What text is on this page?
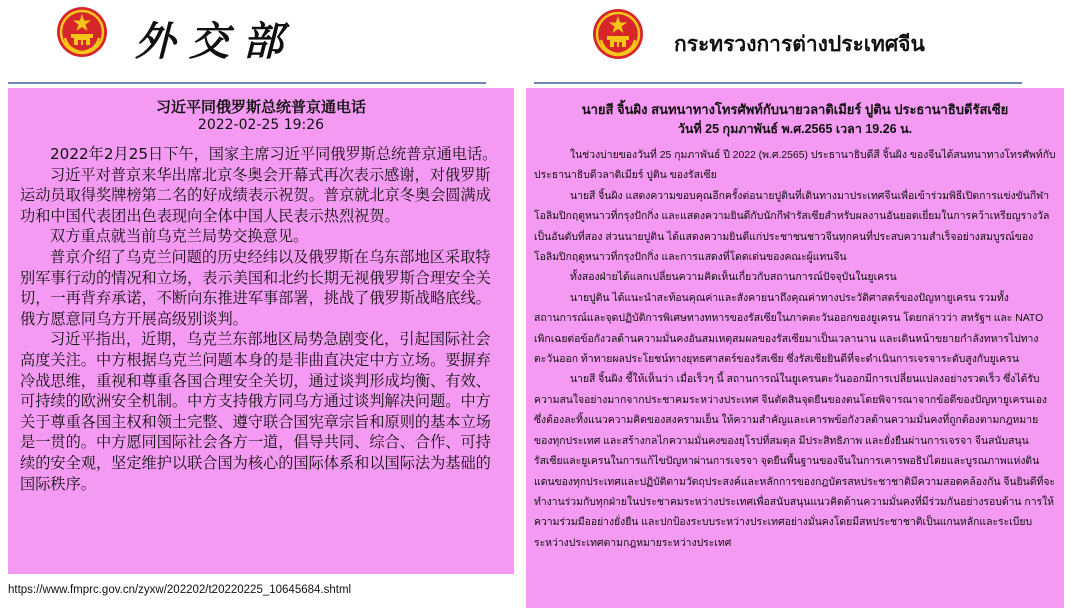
外交部
习近平同俄罗斯总统普京通电话
2022-02-25 19:26

2022年2月25日下午，国家主席习近平同俄罗斯总统普京通电话。

习近平对普京来华出席北京冬奥会开幕式再次表示感谢，对俄罗斯运动员取得奖牌榜第二名的好成绩表示祝贺。普京就北京冬奥会圆满成功和中国代表团出色表现向全体中国人民表示热烈祝贺。

双方重点就当前乌克兰局势交换意见。

普京介绍了乌克兰问题的历史经纬以及俄罗斯在乌东部地区采取特别军事行动的情况和立场，表示美国和北约长期无视俄罗斯合理安全关切，一再背弃承诺，不断向东推进军事部署，挑战了俄罗斯战略底线。俄方愿意同乌方开展高级别谈判。

习近平指出，近期，乌克兰东部地区局势急剧变化，引起国际社会高度关注。中方根据乌克兰问题本身的是非曲直决定中方立场。要摒弃冷战思维，重视和尊重各国合理安全关切，通过谈判形成均衡、有效、可持续的欧洲安全机制。中方支持俄方同乌方通过谈判解决问题。中方关于尊重各国主权和领土完整、遵守联合国宪章宗旨和原则的基本立场是一贯的。中方愿同国际社会各方一道，倡导共同、综合、合作、可持续的安全观，坚定维护以联合国为核心的国际体系和以国际法为基础的国际秩序。

https://www.fmprc.gov.cn/zyxw/202202/t20220225_10645684.shtml
กระทรวงการต่างประเทศจีน
นายสี จิ้นผิง สนทนาทางโทรศัพท์กับนายวลาดิเมียร์ ปูติน ประธานาธิบดีรัสเซีย
วันที่ 25 กุมภาพันธ์ พ.ศ.2565 เวลา 19.26 น.

ในช่วงบ่ายของวันที่ 25 กุมภาพันธ์ ปี 2022 (พ.ศ.2565) ประธานาธิบดีสี จิ้นผิง ของจีนได้สนทนาทางโทรศัพท์กับประธานาธิบดีวลาดิเมียร์ ปูติน ของรัสเซีย

นายสี จิ้นผิง แสดงความขอบคุณอีกครั้งต่อนายปูตินที่เดินทางมาประเทศจีนเพื่อเข้าร่วมพิธีเปิดการแข่งขันกีฬาโอลิมปิกฤดูหนาวที่กรุงปักกิ่ง และแสดงความยินดีกับนักกีฬารัสเซียสำหรับผลงานอันยอดเยี่ยมในการคว้าเหรียญรางวัลเป็นอันดับที่สอง ส่วนนายปูติน ได้แสดงความยินดีแก่ประชาชนชาวจีนทุกคนที่ประสบความสำเร็จอย่างสมบูรณ์ของโอลิมปิกฤดูหนาวที่กรุงปักกิ่ง และการแสดงที่โดดเด่นของคณะผู้แทนจีน

ทั้งสองฝ่ายได้แลกเปลี่ยนความคิดเห็นเกี่ยวกับสถานการณ์ปัจจุบันในยูเครน

นายปูติน ได้แนะนำสะท้อนคุณค่าและสังคายนาถึงคุณค่าทางประวัติศาสตร์ของปัญหายูเครน รวมทั้งสถานการณ์และจุดปฏิบัติการพิเศษทางทหารของรัสเซียในภาคตะวันออกของยูเครน โดยกล่าวว่า สหรัฐฯ และ NATO เพิกเฉยต่อข้อกังวลด้านความมั่นคงอันสมเหตุสมผลของรัสเซียมาเป็นเวลานาน และเดินหน้าขยายกำลังทหารไปทางตะวันออก ท้าทายผลประโยชน์ทางยุทธศาสตร์ของรัสเซีย ซึ่งรัสเซียยินดีที่จะดำเนินการเจรจาระดับสูงกับยูเครน

นายสี จิ้นผิง ชี้ให้เห็นว่า เมื่อเร็วๆ นี้ สถานการณ์ในยูเครนตะวันออกมีการเปลี่ยนแปลงอย่างรวดเร็ว ซึ่งได้รับความสนใจอย่างมากจากประชาคมระหว่างประเทศ จีนตัดสินจุดยืนของตนโดยพิจารณาจากข้อดีของปัญหายูเครนเอง ซึ่งต้องละทิ้งแนวความคิดของสงครามเย็น ให้ความสำคัญและเคารพข้อกังวลด้านความมั่นคงที่ถูกต้องตามกฎหมายของทุกประเทศ และสร้างกลไกความมั่นคงของยุโรปที่สมดุล มีประสิทธิภาพ และยั่งยืนผ่านการเจรจา จีนสนับสนุนรัสเซียและยูเครนในการแก้ไขปัญหาผ่านการเจรจา จุดยืนพื้นฐานของจีนในการเคารพอธิปไตยและบูรณภาพแห่งดินแดนของทุกประเทศและปฏิบัติตามวัตถุประสงค์และหลักการของกฎบัตรสหประชาชาติมีความสอดคล้องกัน จีนยินดีที่จะทำงานร่วมกับทุกฝ่ายในประชาคมระหว่างประเทศเพื่อสนับสนุนแนวคิดด้านความมั่นคงที่มีร่วมกันอย่างรอบด้าน การให้ความร่วมมืออย่างยั่งยืน และปกป้องระบบระหว่างประเทศอย่างมั่นคงโดยมีสหประชาชาติเป็นแกนหลักและระเบียบระหว่างประเทศตามกฎหมายระหว่างประเทศ
